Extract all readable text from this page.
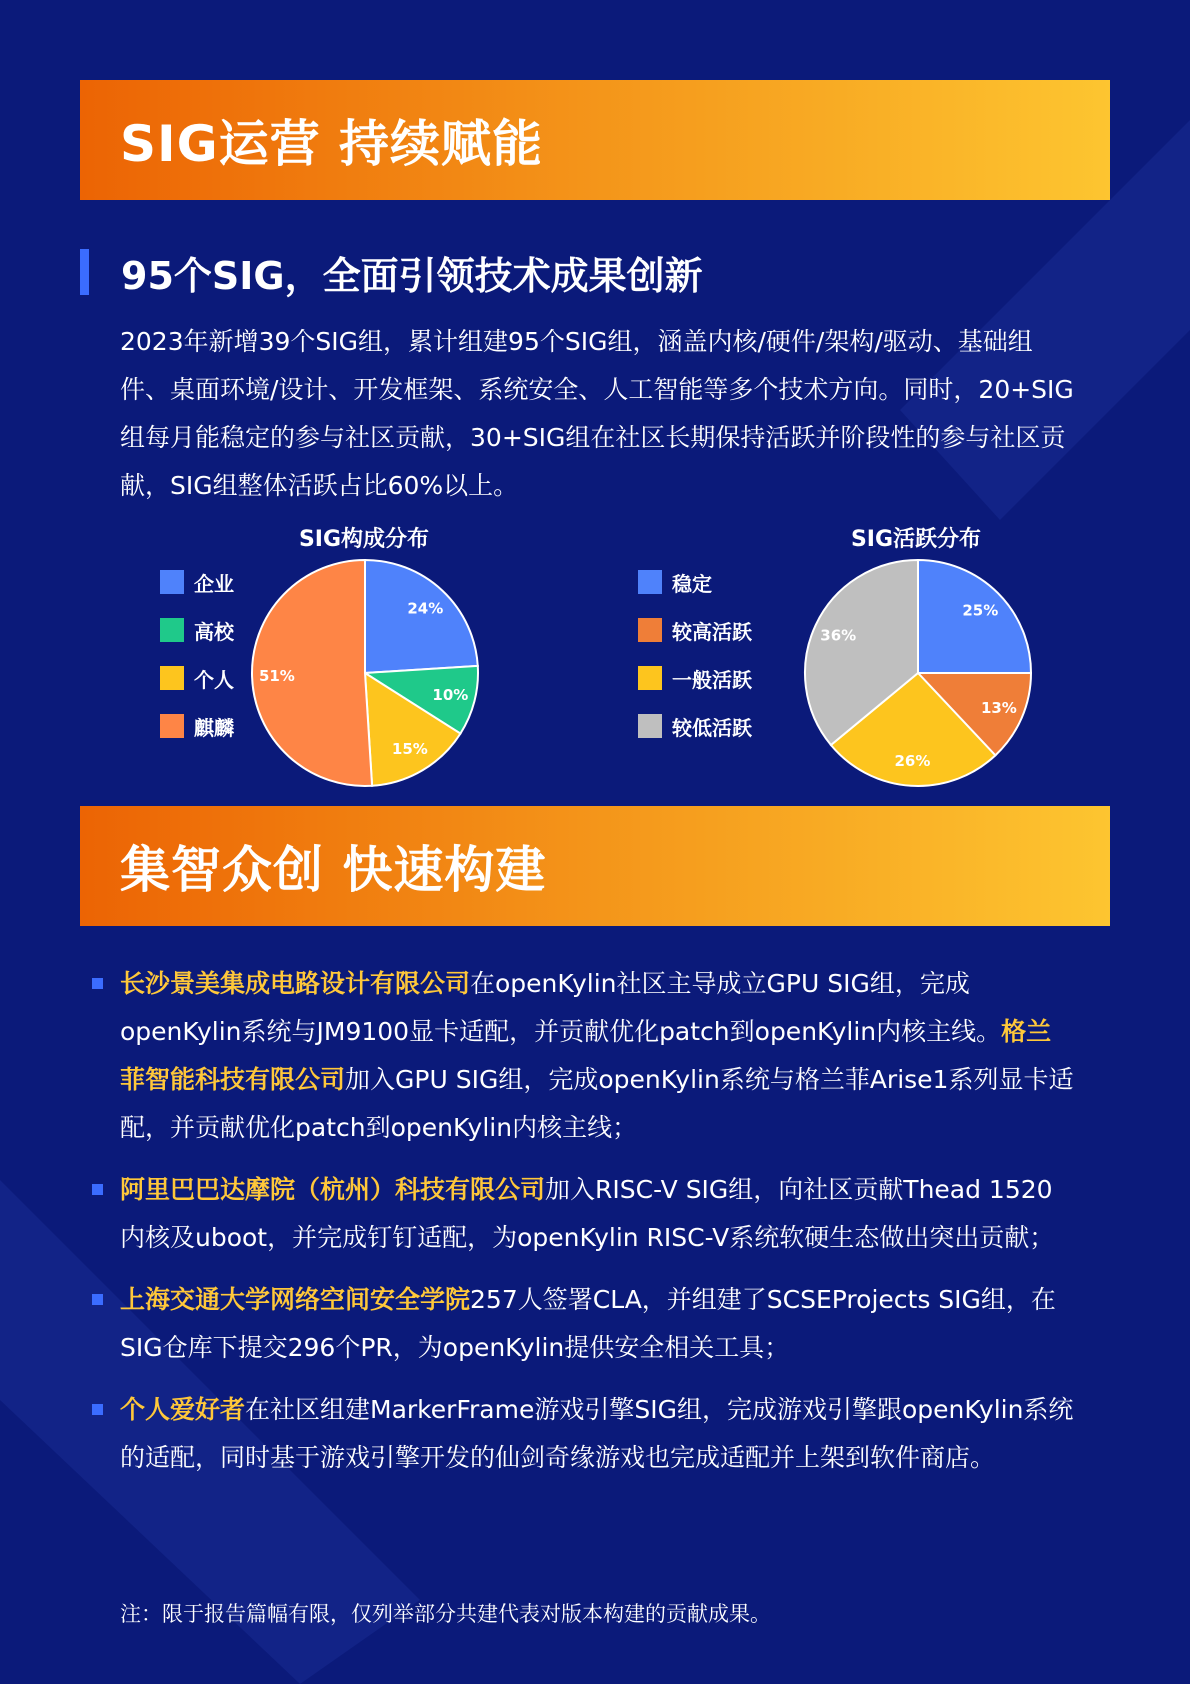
SIG运营 持续赋能
95个SIG，全面引领技术成果创新

2023年新增39个SIG组，累计组建95个SIG组，涵盖内核/硬件/架构/驱动、基础组件、桌面环境/设计、开发框架、系统安全、人工智能等多个技术方向。同时，20+SIG组每月能稳定的参与社区贡献，30+SIG组在社区长期保持活跃并阶段性的参与社区贡献，SIG组整体活跃占比60%以上。

SIG构成分布
企业
高校
个人
麒麟
24%
10%
15%
51%
SIG活跃分布
稳定
较高活跃
一般活跃
较低活跃
25%
13%
26%
36%
集智众创 快速构建
长沙景美集成电路设计有限公司在openKylin社区主导成立GPU SIG组，完成openKylin系统与JM9100显卡适配，并贡献优化patch到openKylin内核主线。格兰菲智能科技有限公司加入GPU SIG组，完成openKylin系统与格兰菲Arise1系列显卡适配，并贡献优化patch到openKylin内核主线；
阿里巴巴达摩院（杭州）科技有限公司加入RISC-V SIG组，向社区贡献Thead 1520内核及uboot，并完成钉钉适配，为openKylin RISC-V系统软硬生态做出突出贡献；
上海交通大学网络空间安全学院257人签署CLA，并组建了SCSEProjects SIG组，在SIG仓库下提交296个PR，为openKylin提供安全相关工具；
个人爱好者在社区组建MarkerFrame游戏引擎SIG组，完成游戏引擎跟openKylin系统的适配，同时基于游戏引擎开发的仙剑奇缘游戏也完成适配并上架到软件商店。

注：限于报告篇幅有限，仅列举部分共建代表对版本构建的贡献成果。
